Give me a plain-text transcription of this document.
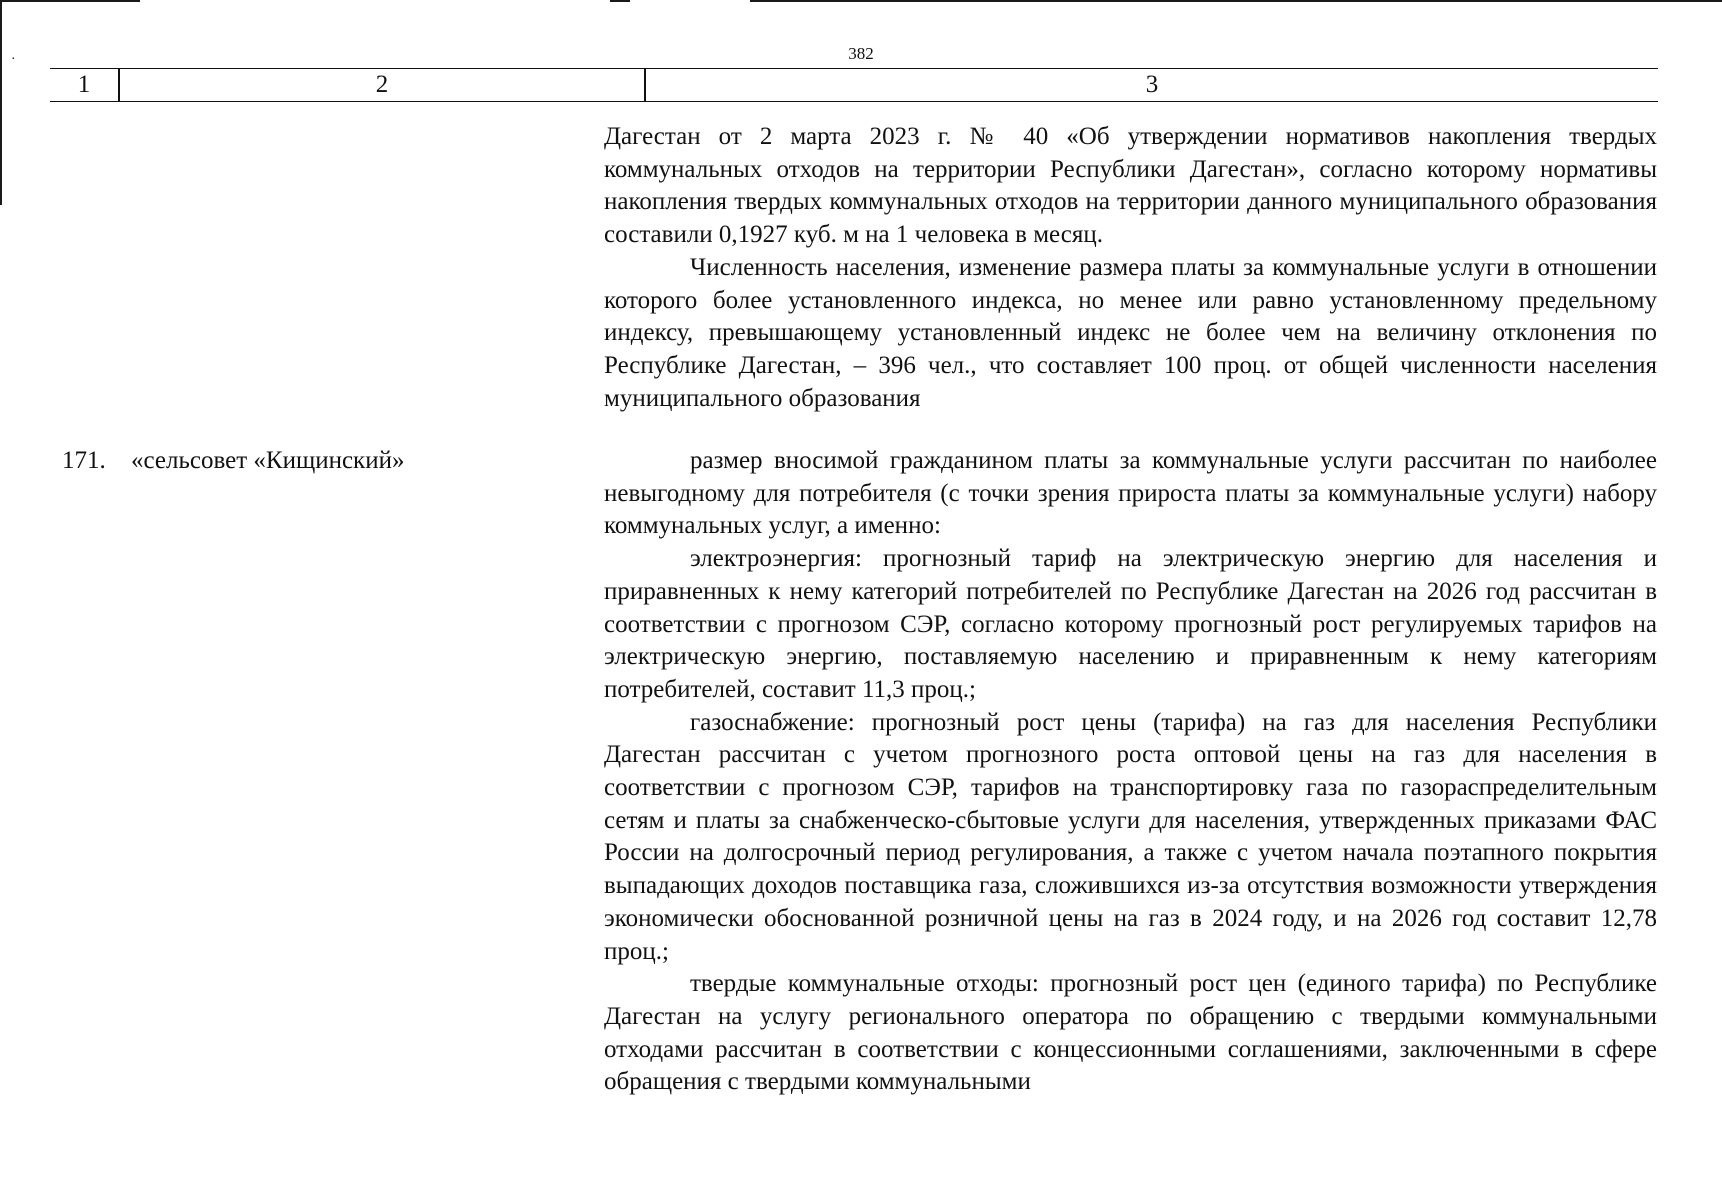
·	382
1	2	3

Дагестан от 2 марта 2023 г. № 40 «Об утверждении нормативов накопления твердых коммунальных отходов на территории Республики Дагестан», согласно которому нормативы накопления твердых коммунальных отходов на территории данного муниципального образования составили 0,1927 куб. м на 1 человека в месяц.

Численность населения, изменение размера платы за коммунальные услуги в отношении которого более установленного индекса, но менее или равно установленному предельному индексу, превышающему установленный индекс не более чем на величину отклонения по Республике Дагестан, – 396 чел., что составляет 100 проц. от общей численности населения муниципального образования

171. «сельсовет «Кищинский»	размер вносимой гражданином платы за коммунальные услуги рассчитан по наиболее невыгодному для потребителя (с точки зрения прироста платы за коммунальные услуги) набору коммунальных услуг, а именно:

электроэнергия: прогнозный тариф на электрическую энергию для населения и приравненных к нему категорий потребителей по Республике Дагестан на 2026 год рассчитан в соответствии с прогнозом СЭР, согласно которому прогнозный рост регулируемых тарифов на электрическую энергию, поставляемую населению и приравненным к нему категориям потребителей, составит 11,3 проц.;

газоснабжение: прогнозный рост цены (тарифа) на газ для населения Республики Дагестан рассчитан с учетом прогнозного роста оптовой цены на газ для населения в соответствии с прогнозом СЭР, тарифов на транспортировку газа по газораспределительным сетям и платы за снабженческо-сбытовые услуги для населения, утвержденных приказами ФАС России на долгосрочный период регулирования, а также с учетом начала поэтапного покрытия выпадающих доходов поставщика газа, сложившихся из-за отсутствия возможности утверждения экономически обоснованной розничной цены на газ в 2024 году, и на 2026 год составит 12,78 проц.;

твердые коммунальные отходы: прогнозный рост цен (единого тарифа) по Республике Дагестан на услугу регионального оператора по обращению с твердыми коммунальными отходами рассчитан в соответствии с концессионными соглашениями, заключенными в сфере обращения с твердыми коммунальными
